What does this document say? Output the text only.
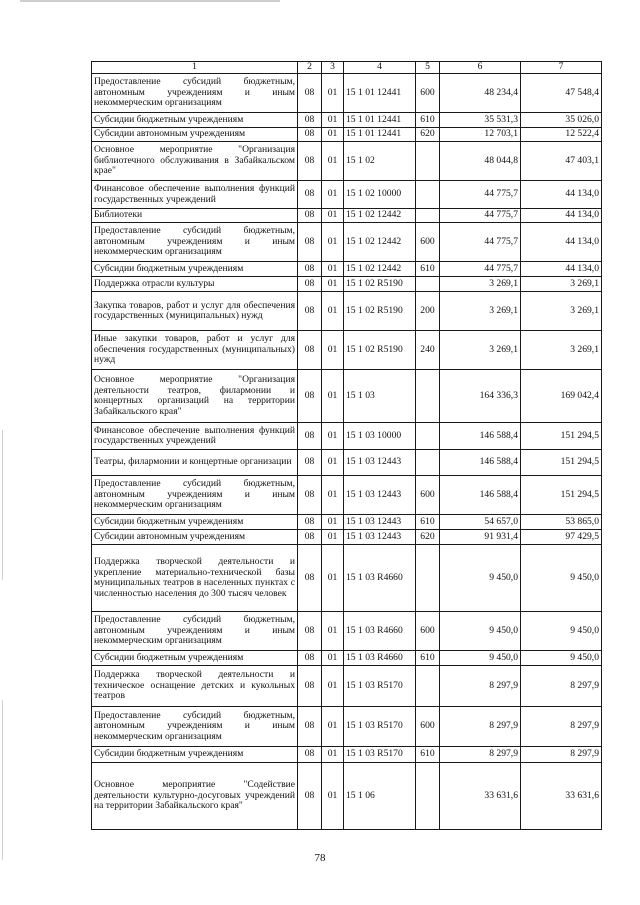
1	2	3	4	5	6	7
Предоставление субсидий бюджетным, автономным учреждениям и иным некоммерческим организациям	08	01	15 1 01 12441	600	48 234,4	47 548,4
Субсидии бюджетным учреждениям	08	01	15 1 01 12441	610	35 531,3	35 026,0
Субсидии автономным учреждениям	08	01	15 1 01 12441	620	12 703,1	12 522,4
Основное мероприятие "Организация библиотечного обслуживания в Забайкальском крае"	08	01	15 1 02		48 044,8	47 403,1
Финансовое обеспечение выполнения функций государственных учреждений	08	01	15 1 02 10000		44 775,7	44 134,0
Библиотеки	08	01	15 1 02 12442		44 775,7	44 134,0
Предоставление субсидий бюджетным, автономным учреждениям и иным некоммерческим организациям	08	01	15 1 02 12442	600	44 775,7	44 134,0
Субсидии бюджетным учреждениям	08	01	15 1 02 12442	610	44 775,7	44 134,0
Поддержка отрасли культуры	08	01	15 1 02 R5190		3 269,1	3 269,1
Закупка товаров, работ и услуг для обеспечения государственных (муниципальных) нужд	08	01	15 1 02 R5190	200	3 269,1	3 269,1
Иные закупки товаров, работ и услуг для обеспечения государственных (муниципальных) нужд	08	01	15 1 02 R5190	240	3 269,1	3 269,1
Основное мероприятие "Организация деятельности театров, филармонии и концертных организаций на территории Забайкальского края"	08	01	15 1 03		164 336,3	169 042,4
Финансовое обеспечение выполнения функций государственных учреждений	08	01	15 1 03 10000		146 588,4	151 294,5
Театры, филармонии и концертные организации	08	01	15 1 03 12443		146 588,4	151 294,5
Предоставление субсидий бюджетным, автономным учреждениям и иным некоммерческим организациям	08	01	15 1 03 12443	600	146 588,4	151 294,5
Субсидии бюджетным учреждениям	08	01	15 1 03 12443	610	54 657,0	53 865,0
Субсидии автономным учреждениям	08	01	15 1 03 12443	620	91 931,4	97 429,5
Поддержка творческой деятельности и укрепление материально-технической базы муниципальных театров в населенных пунктах с численностью населения до 300 тысяч человек	08	01	15 1 03 R4660		9 450,0	9 450,0
Предоставление субсидий бюджетным, автономным учреждениям и иным некоммерческим организациям	08	01	15 1 03 R4660	600	9 450,0	9 450,0
Субсидии бюджетным учреждениям	08	01	15 1 03 R4660	610	9 450,0	9 450,0
Поддержка творческой деятельности и техническое оснащение детских и кукольных театров	08	01	15 1 03 R5170		8 297,9	8 297,9
Предоставление субсидий бюджетным, автономным учреждениям и иным некоммерческим организациям	08	01	15 1 03 R5170	600	8 297,9	8 297,9
Субсидии бюджетным учреждениям	08	01	15 1 03 R5170	610	8 297,9	8 297,9
Основное мероприятие "Содействие деятельности культурно-досуговых учреждений на территории Забайкальского края"	08	01	15 1 06		33 631,6	33 631,6
78
